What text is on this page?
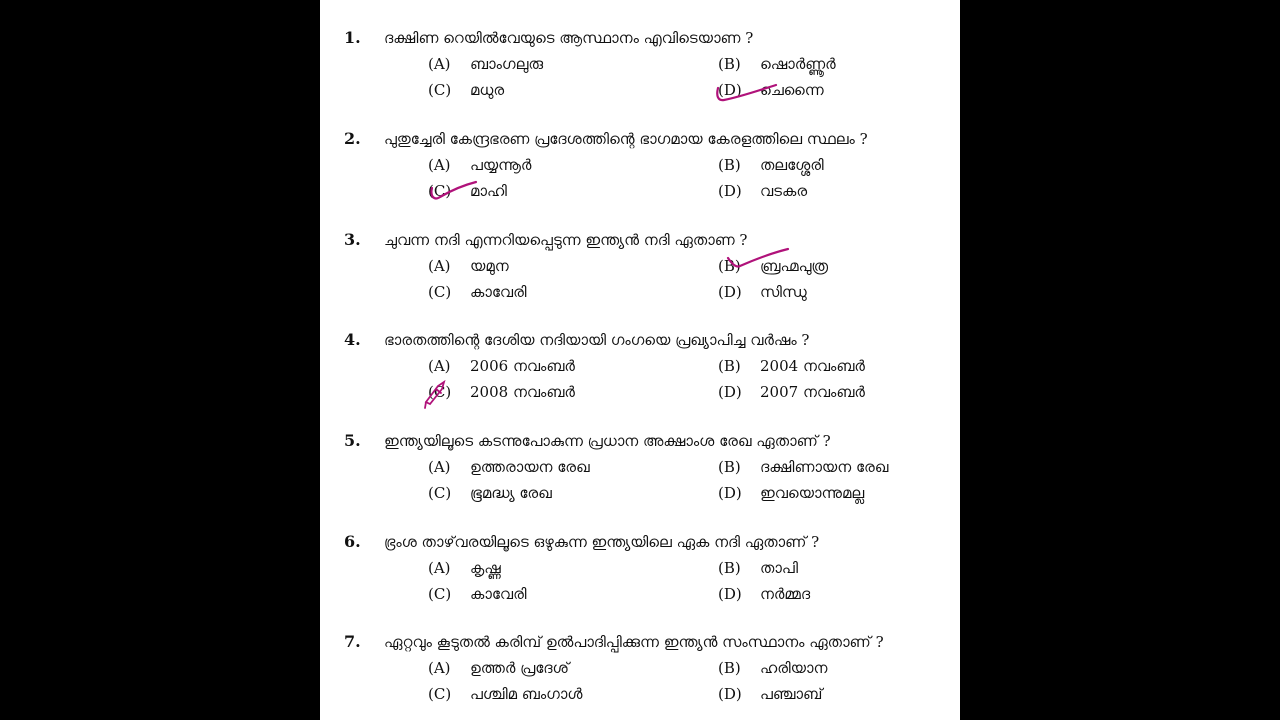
1. ദക്ഷിണ റെയിൽവേയുടെ ആസ്ഥാനം എവിടെയാണ ?
(A) ബാംഗലുരു	(B) ഷൊർണ്ണൂർ
(C) മധുര	(D) ചെന്നൈ
2. പുതുച്ചേരി കേന്ദ്രഭരണ പ്രദേശത്തിന്റെ ഭാഗമായ കേരളത്തിലെ സ്ഥലം ?
(A) പയ്യന്നൂർ	(B) തലശ്ശേരി
(C) മാഹി	(D) വടകര
3. ചുവന്ന നദി എന്നറിയപ്പെടുന്ന ഇന്ത്യൻ നദി ഏതാണ ?
(A) യമുന	(B) ബ്രഹ്മപുത്ര
(C) കാവേരി	(D) സിന്ധു
4. ഭാരതത്തിന്റെ ദേശിയ നദിയായി ഗംഗയെ പ്രഖ്യാപിച്ച വർഷം ?
(A) 2006 നവംബർ	(B) 2004 നവംബർ
(C) 2008 നവംബർ	(D) 2007 നവംബർ
5. ഇന്ത്യയിലൂടെ കടന്നുപോകുന്ന പ്രധാന അക്ഷാംശ രേഖ ഏതാണ് ?
(A) ഉത്തരായന രേഖ	(B) ദക്ഷിണായന രേഖ
(C) ഭൂമദ്ധ്യ രേഖ	(D) ഇവയൊന്നുമല്ല
6. ഭ്രംശ താഴ്‌വരയിലൂടെ ഒഴുകുന്ന ഇന്ത്യയിലെ ഏക നദി ഏതാണ് ?
(A) കൃഷ്ണ	(B) താപി
(C) കാവേരി	(D) നർമ്മദ
7. ഏറ്റവും കൂടുതൽ കരിമ്പ് ഉൽപാദിപ്പിക്കുന്ന ഇന്ത്യൻ സംസ്ഥാനം ഏതാണ് ?
(A) ഉത്തർ പ്രദേശ്	(B) ഹരിയാന
(C) പശ്ചിമ ബംഗാൾ	(D) പഞ്ചാബ്
